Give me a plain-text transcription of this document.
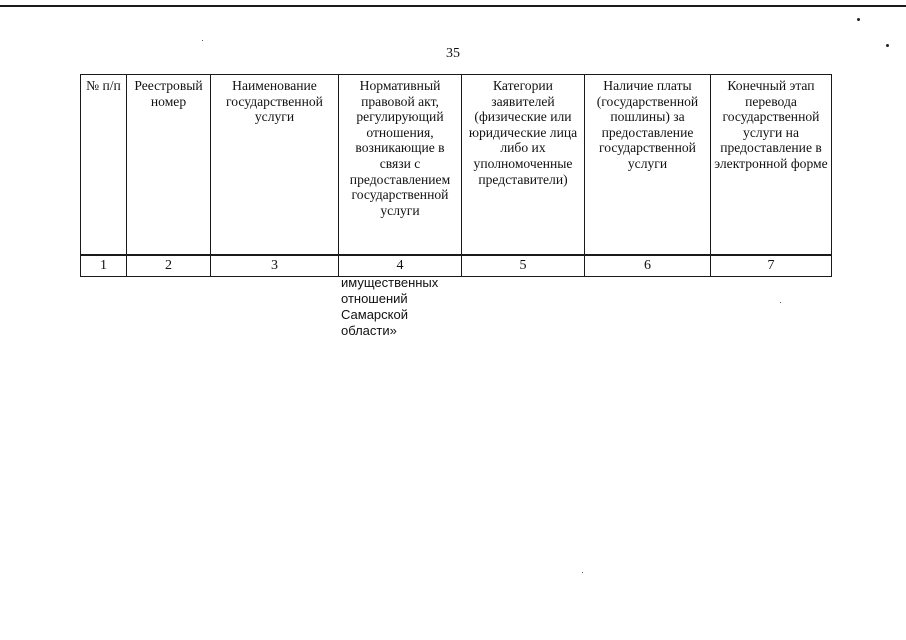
35
№ п/п	Реестровый номер	Наименование государственной услуги	Нормативный правовой акт, регулирующий отношения, возникающие в связи с предоставлением государственной услуги	Категории заявителей (физические или юридические лица либо их уполномоченные представители)	Наличие платы (государственной пошлины) за предоставление государственной услуги	Конечный этап перевода государственной услуги на предоставление в электронной форме
1	2	3	4	5	6	7
имущественных
отношений
Самарской
области»
